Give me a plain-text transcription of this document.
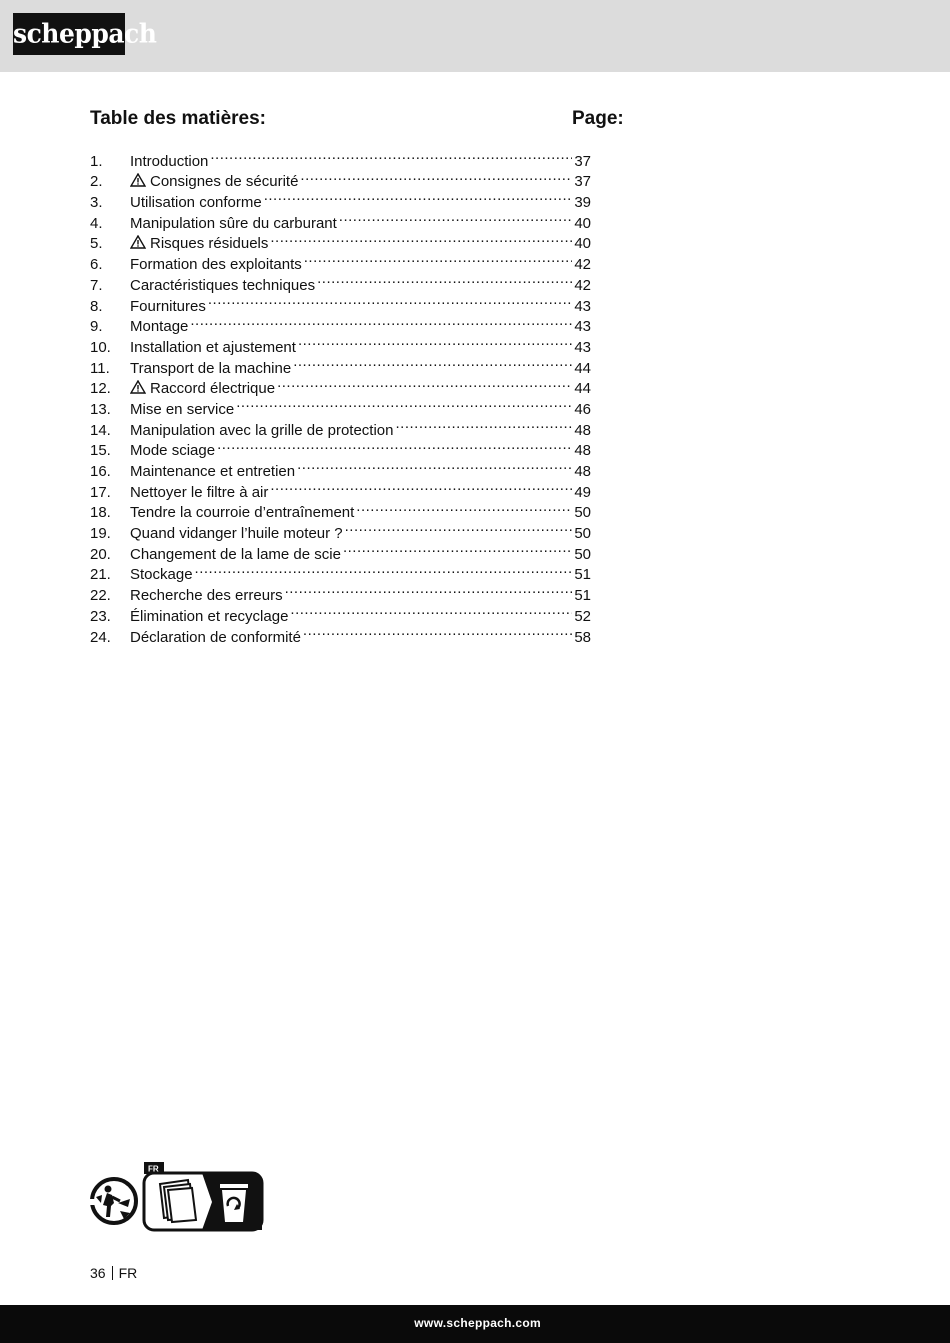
scheppach
Table des matières:	Page:
1.	Introduction .....	37
2.	Consignes de sécurité .....	37
3.	Utilisation conforme .....	39
4.	Manipulation sûre du carburant .....	40
5.	Risques résiduels .....	40
6.	Formation des exploitants .....	42
7.	Caractéristiques techniques .....	42
8.	Fournitures .....	43
9.	Montage .....	43
10.	Installation et ajustement .....	43
11.	Transport de la machine .....	44
12.	Raccord électrique .....	44
13.	Mise en service .....	46
14.	Manipulation avec la grille de protection .....	48
15.	Mode sciage .....	48
16.	Maintenance et entretien .....	48
17.	Nettoyer le filtre à air .....	49
18.	Tendre la courroie d’entraînement .....	50
19.	Quand vidanger l’huile moteur ? .....	50
20.	Changement de la lame de scie .....	50
21.	Stockage .....	51
22.	Recherche des erreurs .....	51
23.	Élimination et recyclage .....	52
24.	Déclaration de conformité .....	58
FR
36 FR
www.scheppach.com
